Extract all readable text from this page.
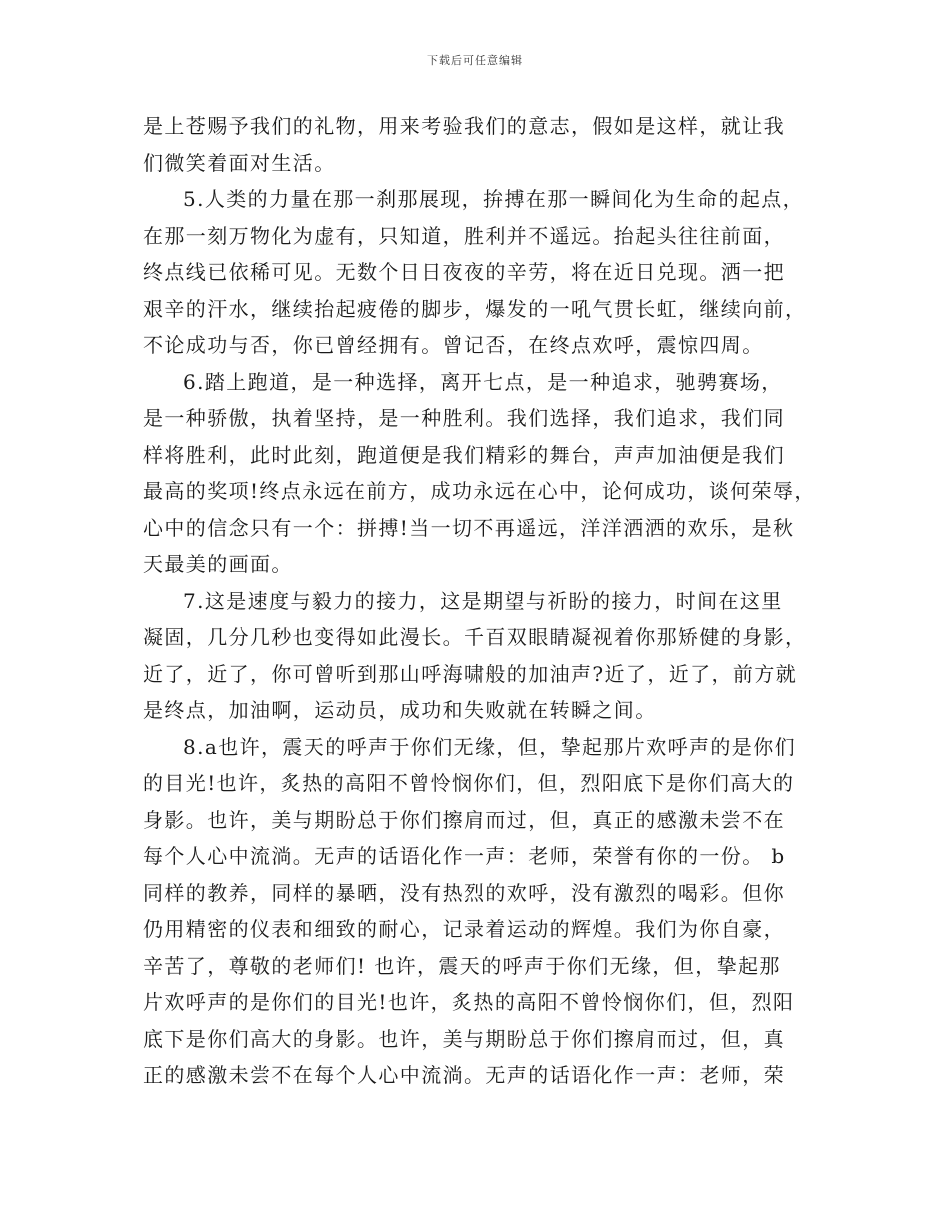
下载后可任意编辑
是上苍赐予我们的礼物，用来考验我们的意志，假如是这样，就让我
们微笑着面对生活。
5.人类的力量在那一刹那展现，拚搏在那一瞬间化为生命的起点，
在那一刻万物化为虚有，只知道，胜利并不遥远。抬起头往往前面，
终点线已依稀可见。无数个日日夜夜的辛劳，将在近日兑现。洒一把
艰辛的汗水，继续抬起疲倦的脚步，爆发的一吼气贯长虹，继续向前，
不论成功与否，你已曾经拥有。曾记否，在终点欢呼，震惊四周。
6.踏上跑道，是一种选择，离开七点，是一种追求，驰骋赛场，
是一种骄傲，执着坚持，是一种胜利。我们选择，我们追求，我们同
样将胜利，此时此刻，跑道便是我们精彩的舞台，声声加油便是我们
最高的奖项!终点永远在前方，成功永远在心中，论何成功，谈何荣辱，
心中的信念只有一个：拼搏!当一切不再遥远，洋洋洒洒的欢乐，是秋
天最美的画面。
7.这是速度与毅力的接力，这是期望与祈盼的接力，时间在这里
凝固，几分几秒也变得如此漫长。千百双眼睛凝视着你那矫健的身影，
近了，近了，你可曾听到那山呼海啸般的加油声?近了，近了，前方就
是终点，加油啊，运动员，成功和失败就在转瞬之间。
8.a也许，震天的呼声于你们无缘，但，挚起那片欢呼声的是你们
的目光!也许，炙热的高阳不曾怜悯你们，但，烈阳底下是你们高大的
身影。也许，美与期盼总于你们擦肩而过，但，真正的感激未尝不在
每个人心中流淌。无声的话语化作一声：老师，荣誉有你的一份。 b
同样的教养，同样的暴晒，没有热烈的欢呼，没有激烈的喝彩。但你
仍用精密的仪表和细致的耐心，记录着运动的辉煌。我们为你自豪，
辛苦了，尊敬的老师们! 也许，震天的呼声于你们无缘，但，挚起那
片欢呼声的是你们的目光!也许，炙热的高阳不曾怜悯你们，但，烈阳
底下是你们高大的身影。也许，美与期盼总于你们擦肩而过，但，真
正的感激未尝不在每个人心中流淌。无声的话语化作一声：老师，荣
